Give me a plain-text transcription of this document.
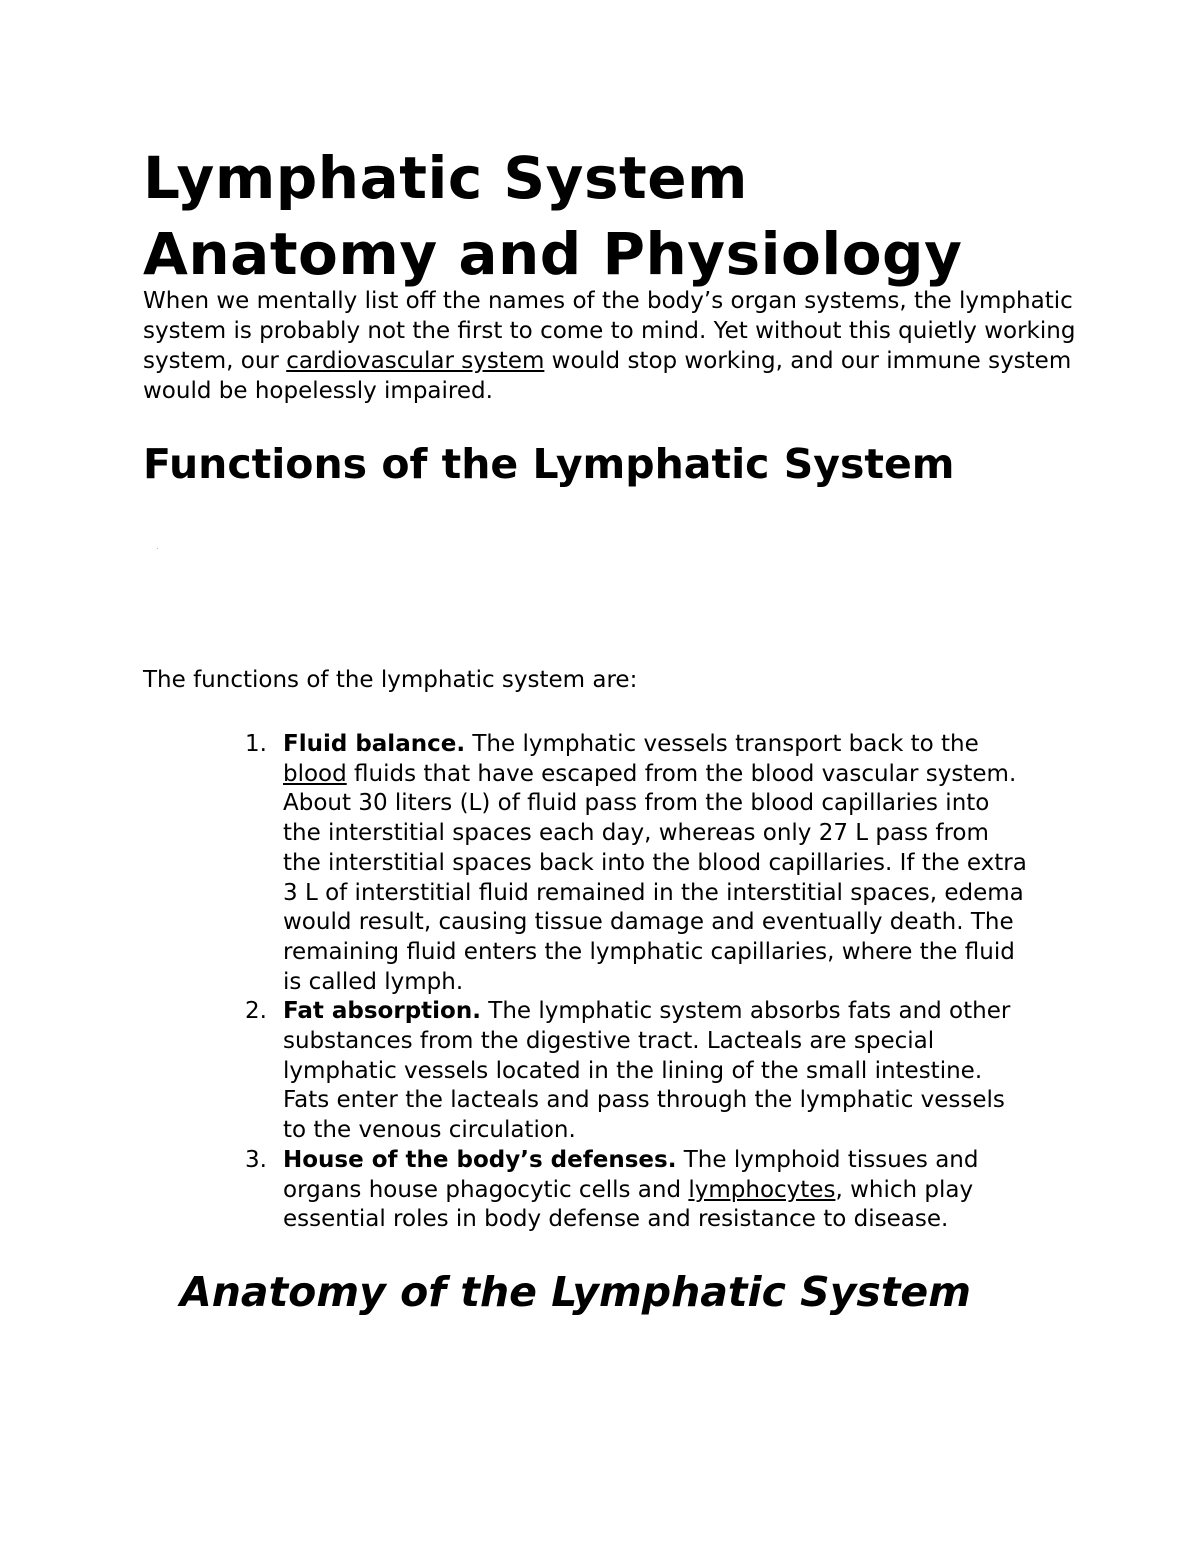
Lymphatic System
Anatomy and Physiology

When we mentally list off the names of the body’s organ systems, the lymphatic system is probably not the first to come to mind. Yet without this quietly working system, our cardiovascular system would stop working, and our immune system would be hopelessly impaired.

Functions of the Lymphatic System

The functions of the lymphatic system are:

1. Fluid balance. The lymphatic vessels transport back to the blood fluids that have escaped from the blood vascular system. About 30 liters (L) of fluid pass from the blood capillaries into the interstitial spaces each day, whereas only 27 L pass from the interstitial spaces back into the blood capillaries. If the extra 3 L of interstitial fluid remained in the interstitial spaces, edema would result, causing tissue damage and eventually death. The remaining fluid enters the lymphatic capillaries, where the fluid is called lymph.
2. Fat absorption. The lymphatic system absorbs fats and other substances from the digestive tract. Lacteals are special lymphatic vessels located in the lining of the small intestine. Fats enter the lacteals and pass through the lymphatic vessels to the venous circulation.
3. House of the body’s defenses. The lymphoid tissues and organs house phagocytic cells and lymphocytes, which play essential roles in body defense and resistance to disease.
Anatomy of the Lymphatic System
